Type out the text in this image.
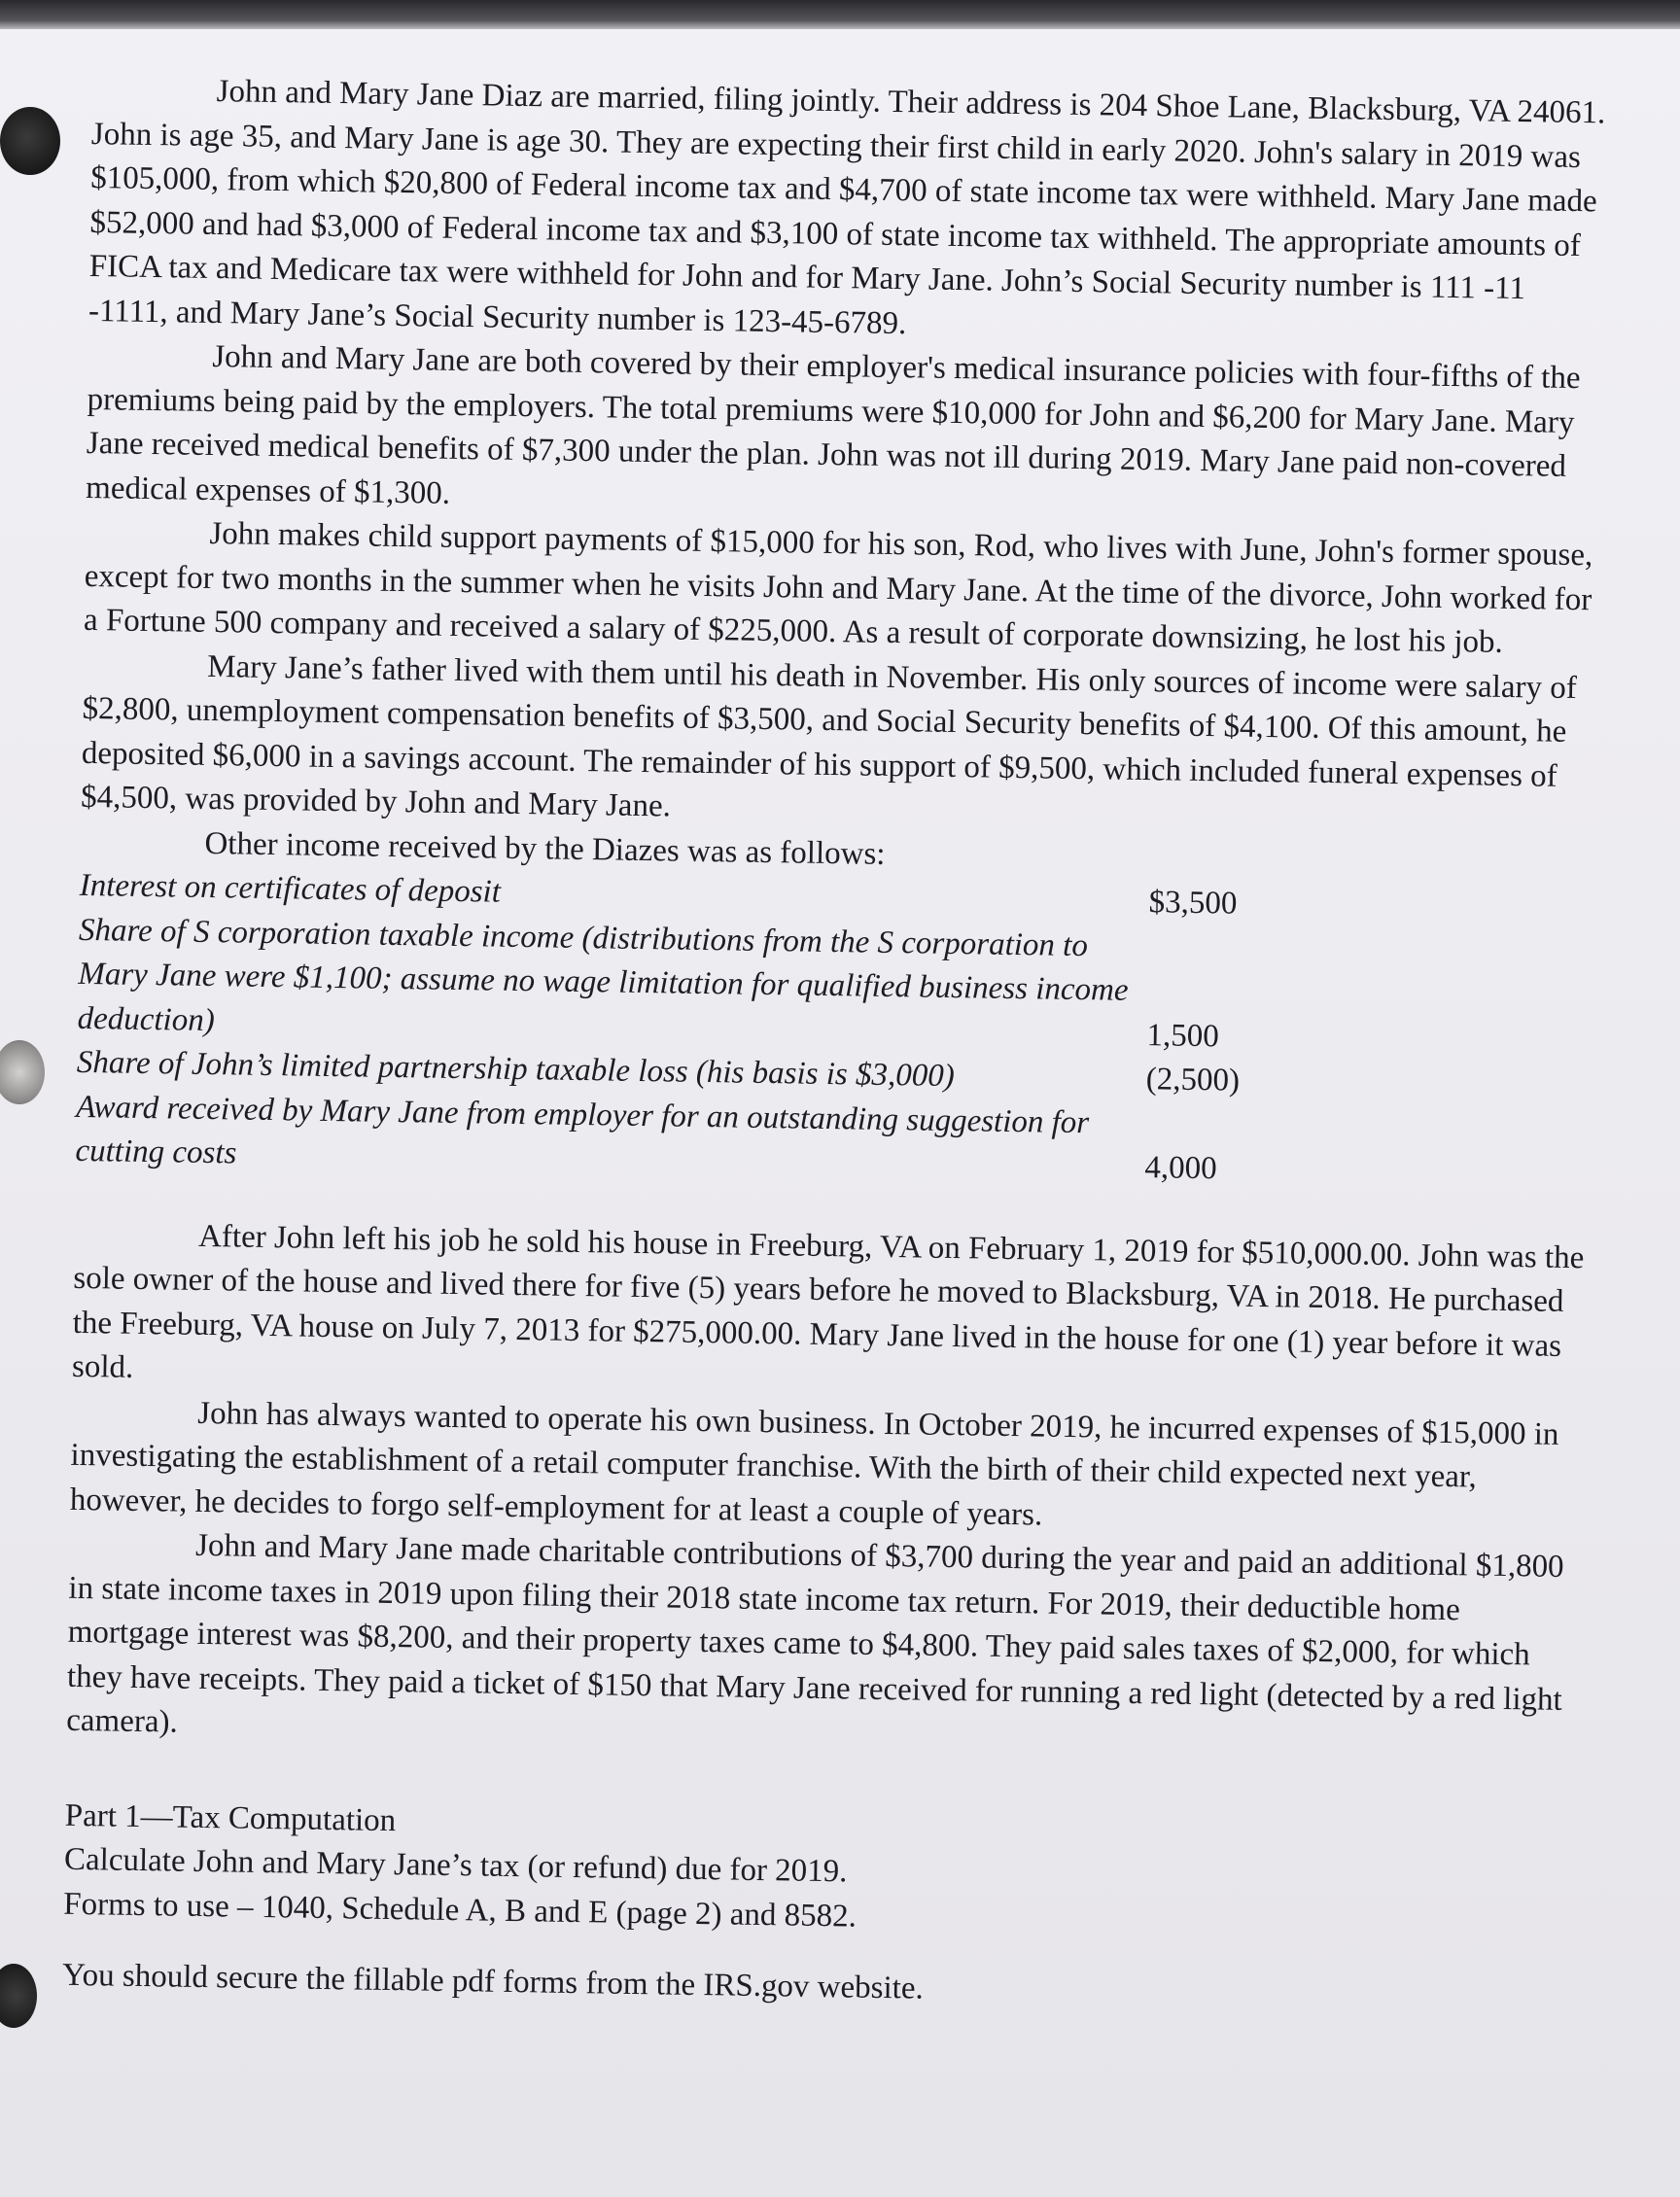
John and Mary Jane Diaz are married, filing jointly. Their address is 204 Shoe Lane, Blacksburg, VA 24061. John is age 35, and Mary Jane is age 30. They are expecting their first child in early 2020. John's salary in 2019 was $105,000, from which $20,800 of Federal income tax and $4,700 of state income tax were withheld. Mary Jane made $52,000 and had $3,000 of Federal income tax and $3,100 of state income tax withheld. The appropriate amounts of FICA tax and Medicare tax were withheld for John and for Mary Jane. John’s Social Security number is 111 -11 -1111, and Mary Jane’s Social Security number is 123-45-6789.

John and Mary Jane are both covered by their employer's medical insurance policies with four-fifths of the premiums being paid by the employers. The total premiums were $10,000 for John and $6,200 for Mary Jane. Mary Jane received medical benefits of $7,300 under the plan. John was not ill during 2019. Mary Jane paid non-covered medical expenses of $1,300.

John makes child support payments of $15,000 for his son, Rod, who lives with June, John's former spouse, except for two months in the summer when he visits John and Mary Jane. At the time of the divorce, John worked for a Fortune 500 company and received a salary of $225,000. As a result of corporate downsizing, he lost his job.

Mary Jane’s father lived with them until his death in November. His only sources of income were salary of $2,800, unemployment compensation benefits of $3,500, and Social Security benefits of $4,100. Of this amount, he deposited $6,000 in a savings account. The remainder of his support of $9,500, which included funeral expenses of $4,500, was provided by John and Mary Jane.

Other income received by the Diazes was as follows:

Interest on certificates of deposit	$3,500
Share of S corporation taxable income (distributions from the S corporation to Mary Jane were $1,100; assume no wage limitation for qualified business income deduction)	1,500
Share of John’s limited partnership taxable loss (his basis is $3,000)	(2,500)
Award received by Mary Jane from employer for an outstanding suggestion for cutting costs	4,000

After John left his job he sold his house in Freeburg, VA on February 1, 2019 for $510,000.00. John was the sole owner of the house and lived there for five (5) years before he moved to Blacksburg, VA in 2018. He purchased the Freeburg, VA house on July 7, 2013 for $275,000.00. Mary Jane lived in the house for one (1) year before it was sold.

John has always wanted to operate his own business. In October 2019, he incurred expenses of $15,000 in investigating the establishment of a retail computer franchise. With the birth of their child expected next year, however, he decides to forgo self-employment for at least a couple of years.

John and Mary Jane made charitable contributions of $3,700 during the year and paid an additional $1,800 in state income taxes in 2019 upon filing their 2018 state income tax return. For 2019, their deductible home mortgage interest was $8,200, and their property taxes came to $4,800. They paid sales taxes of $2,000, for which they have receipts. They paid a ticket of $150 that Mary Jane received for running a red light (detected by a red light camera).

Part 1—Tax Computation

Calculate John and Mary Jane’s tax (or refund) due for 2019.

Forms to use – 1040, Schedule A, B and E (page 2) and 8582.

You should secure the fillable pdf forms from the IRS.gov website.
